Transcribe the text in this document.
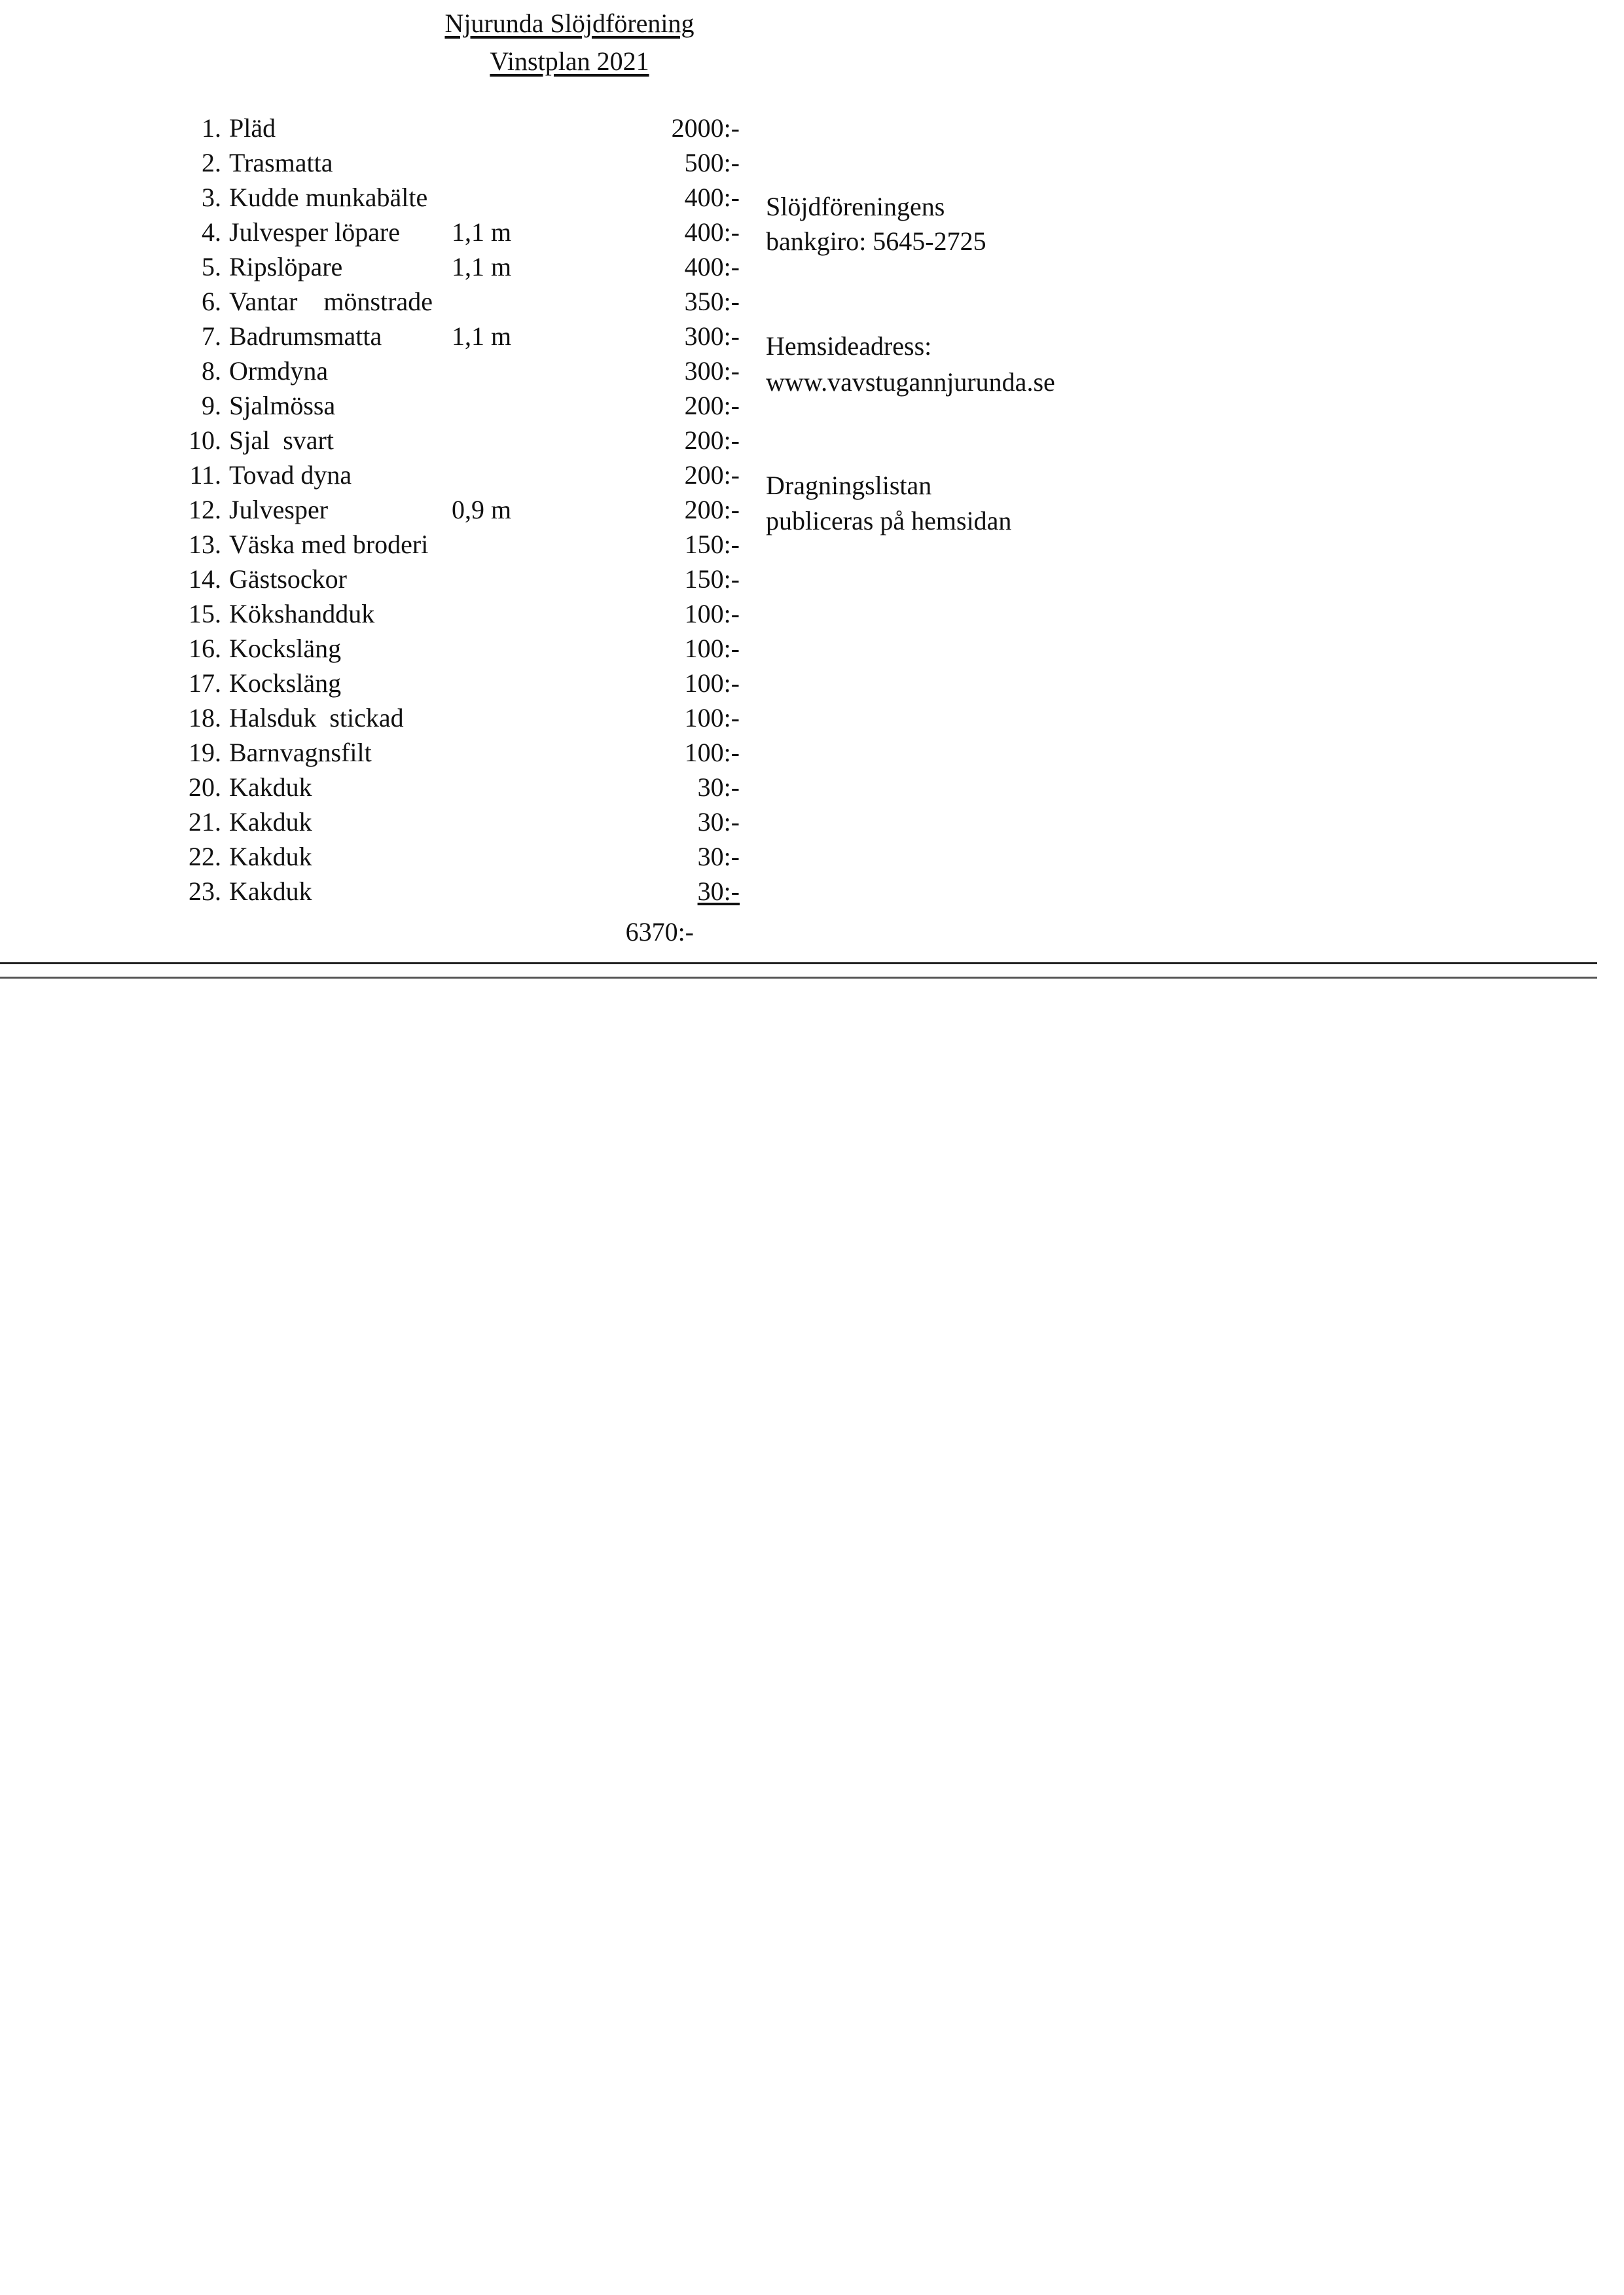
Njurunda Slöjdförening
Vinstplan 2021
1. Pläd	2000:-
2. Trasmatta	500:-
3. Kudde munkabälte	400:-
4. Julvesper löpare 1,1 m	400:-
5. Ripslöpare	1,1 m	400:-
6. Vantar    mönstrade	350:-
7. Badrumsmatta	1,1 m	300:-
8. Ormdyna	300:-
9. Sjalmössa	200:-
10. Sjal  svart	200:-
11. Tovad dyna	200:-
12. Julvesper	0,9 m	200:-
13. Väska med broderi	150:-
14. Gästsockor	150:-
15. Kökshandduk	100:-
16. Kocksläng	100:-
17. Kocksläng	100:-
18. Halsduk  stickad	100:-
19. Barnvagnsfilt	100:-
20. Kakduk	30:-
21. Kakduk	30:-
22. Kakduk	30:-
23. Kakduk	30:-
6370:-
Slöjdföreningens
bankgiro: 5645-2725
Hemsideadress:
www.vavstugannjurunda.se
Dragningslistan
publiceras på hemsidan
